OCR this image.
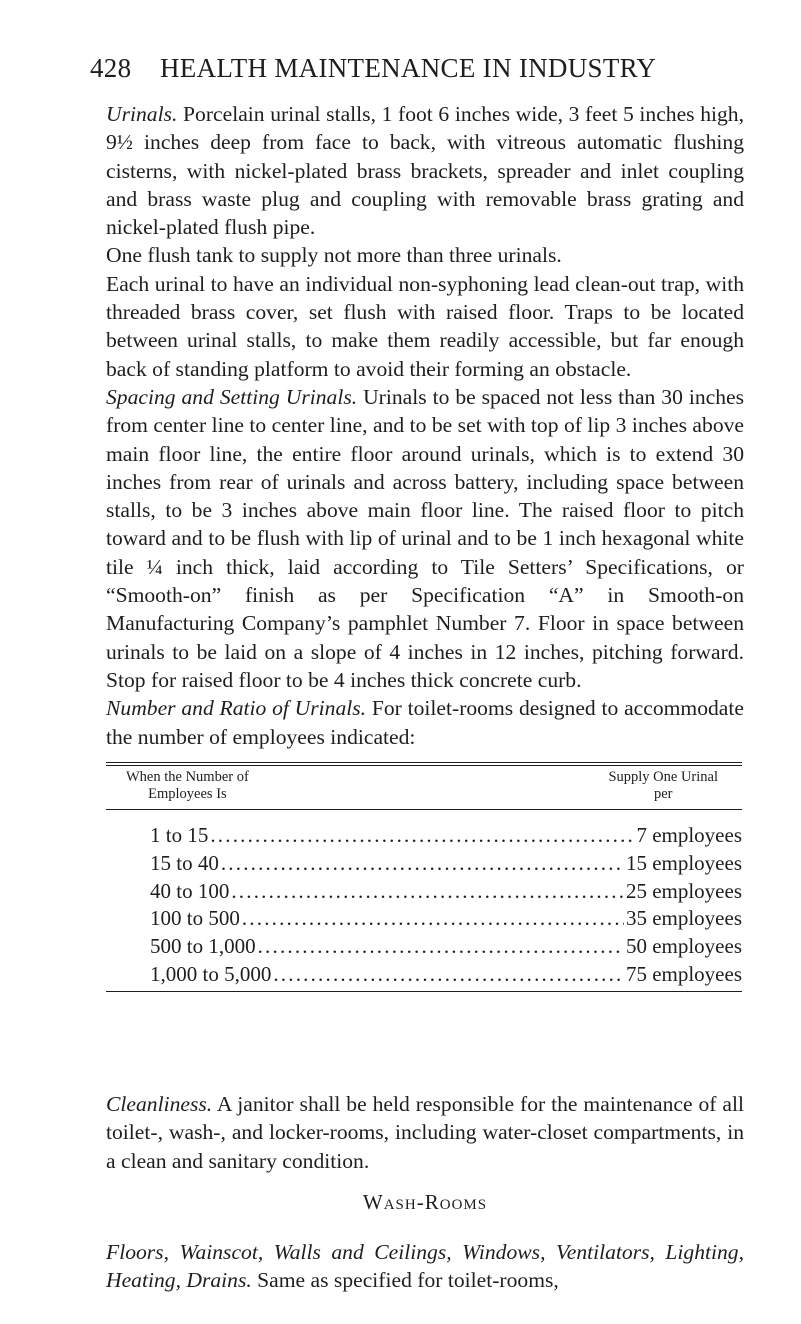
428 HEALTH MAINTENANCE IN INDUSTRY

Urinals. Porcelain urinal stalls, 1 foot 6 inches wide, 3 feet 5 inches high, 9½ inches deep from face to back, with vitreous automatic flushing cisterns, with nickel-plated brass brackets, spreader and inlet coupling and brass waste plug and coupling with removable brass grating and nickel-plated flush pipe.

One flush tank to supply not more than three urinals.

Each urinal to have an individual non-syphoning lead clean-out trap, with threaded brass cover, set flush with raised floor. Traps to be located between urinal stalls, to make them readily accessible, but far enough back of standing platform to avoid their forming an obstacle.

Spacing and Setting Urinals. Urinals to be spaced not less than 30 inches from center line to center line, and to be set with top of lip 3 inches above main floor line, the entire floor around urinals, which is to extend 30 inches from rear of urinals and across battery, including space between stalls, to be 3 inches above main floor line. The raised floor to pitch toward and to be flush with lip of urinal and to be 1 inch hexagonal white tile ¼ inch thick, laid according to Tile Setters’ Specifications, or “Smooth-on” finish as per Specification “A” in Smooth-on Manufacturing Company’s pamphlet Number 7. Floor in space between urinals to be laid on a slope of 4 inches in 12 inches, pitching forward. Stop for raised floor to be 4 inches thick concrete curb.

Number and Ratio of Urinals. For toilet-rooms designed to accommodate the number of employees indicated:

When the Number of
Employees Is
Supply One Urinal
per
1 to 15 .....	7 employees
15 to 40 .....	15 employees
40 to 100 .....	25 employees
100 to 500 .....	35 employees
500 to 1,000 .....	50 employees
1,000 to 5,000 .....	75 employees

Cleanliness. A janitor shall be held responsible for the maintenance of all toilet-, wash-, and locker-rooms, including water-closet compartments, in a clean and sanitary condition.

Wash-Rooms

Floors, Wainscot, Walls and Ceilings, Windows, Ventilators, Lighting, Heating, Drains. Same as specified for toilet-rooms,
